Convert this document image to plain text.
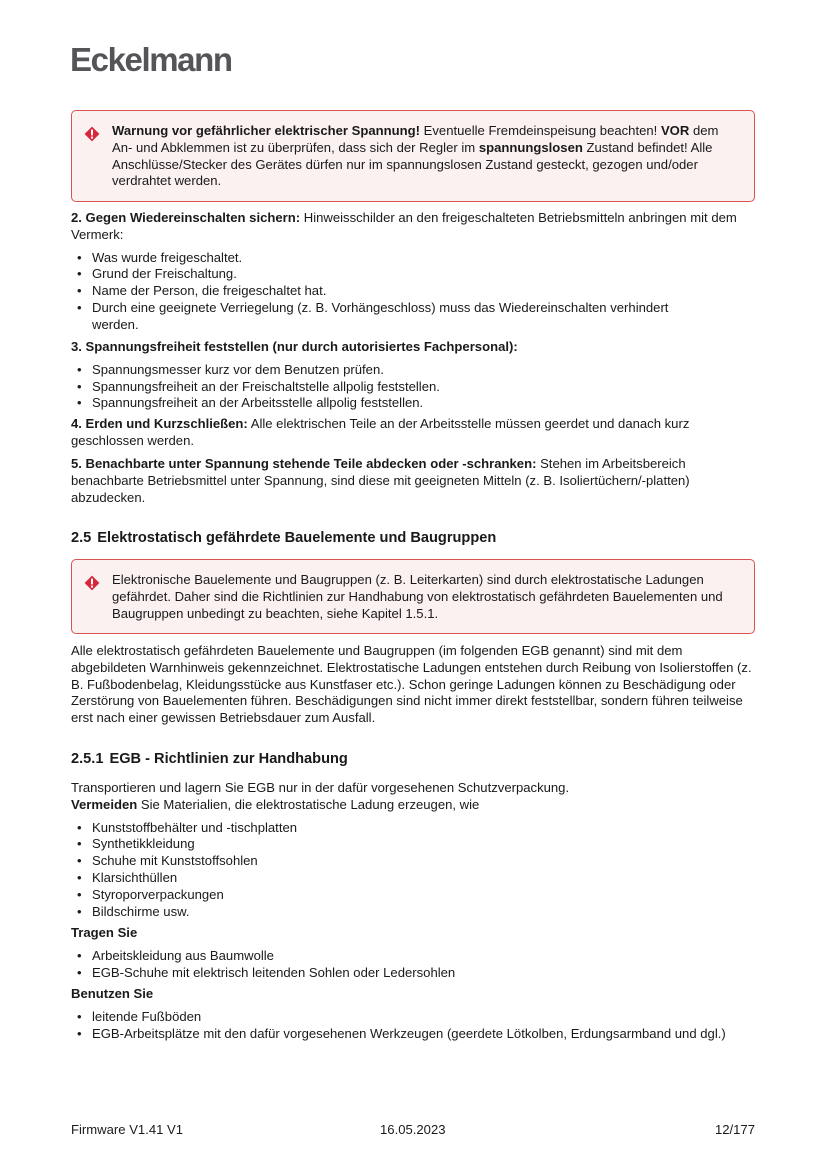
Eckelmann
Warnung vor gefährlicher elektrischer Spannung! Eventuelle Fremdeinspeisung beachten! VOR dem An- und Abklemmen ist zu überprüfen, dass sich der Regler im spannungslosen Zustand befindet! Alle Anschlüsse/Stecker des Gerätes dürfen nur im spannungslosen Zustand gesteckt, gezogen und/oder verdrahtet werden.

2. Gegen Wiedereinschalten sichern: Hinweisschilder an den freigeschalteten Betriebsmitteln anbringen mit dem Vermerk:

• Was wurde freigeschaltet.
• Grund der Freischaltung.
• Name der Person, die freigeschaltet hat.
• Durch eine geeignete Verriegelung (z. B. Vorhängeschloss) muss das Wiedereinschalten verhindert werden.

3. Spannungsfreiheit feststellen (nur durch autorisiertes Fachpersonal):

• Spannungsmesser kurz vor dem Benutzen prüfen.
• Spannungsfreiheit an der Freischaltstelle allpolig feststellen.
• Spannungsfreiheit an der Arbeitsstelle allpolig feststellen.

4. Erden und Kurzschließen: Alle elektrischen Teile an der Arbeitsstelle müssen geerdet und danach kurz geschlossen werden.

5. Benachbarte unter Spannung stehende Teile abdecken oder -schranken: Stehen im Arbeitsbereich benachbarte Betriebsmittel unter Spannung, sind diese mit geeigneten Mitteln (z. B. Isoliertüchern/-platten) abzudecken.

2.5 Elektrostatisch gefährdete Bauelemente und Baugruppen
Elektronische Bauelemente und Baugruppen (z. B. Leiterkarten) sind durch elektrostatische Ladungen gefährdet. Daher sind die Richtlinien zur Handhabung von elektrostatisch gefährdeten Bauelementen und Baugruppen unbedingt zu beachten, siehe Kapitel 1.5.1.

Alle elektrostatisch gefährdeten Bauelemente und Baugruppen (im folgenden EGB genannt) sind mit dem abgebildeten Warnhinweis gekennzeichnet. Elektrostatische Ladungen entstehen durch Reibung von Isolierstoffen (z. B. Fußbodenbelag, Kleidungsstücke aus Kunstfaser etc.). Schon geringe Ladungen können zu Beschädigung oder Zerstörung von Bauelementen führen. Beschädigungen sind nicht immer direkt feststellbar, sondern führen teilweise erst nach einer gewissen Betriebsdauer zum Ausfall.

2.5.1 EGB - Richtlinien zur Handhabung

Transportieren und lagern Sie EGB nur in der dafür vorgesehenen Schutzverpackung.

Vermeiden Sie Materialien, die elektrostatische Ladung erzeugen, wie

• Kunststoffbehälter und -tischplatten
• Synthetikkleidung
• Schuhe mit Kunststoffsohlen
• Klarsichthüllen
• Styroporverpackungen
• Bildschirme usw.

Tragen Sie

• Arbeitskleidung aus Baumwolle
• EGB-Schuhe mit elektrisch leitenden Sohlen oder Ledersohlen

Benutzen Sie

• leitende Fußböden
• EGB-Arbeitsplätze mit den dafür vorgesehenen Werkzeugen (geerdete Lötkolben, Erdungsarmband und dgl.)
Firmware V1.41 V1	16.05.2023	12/177
